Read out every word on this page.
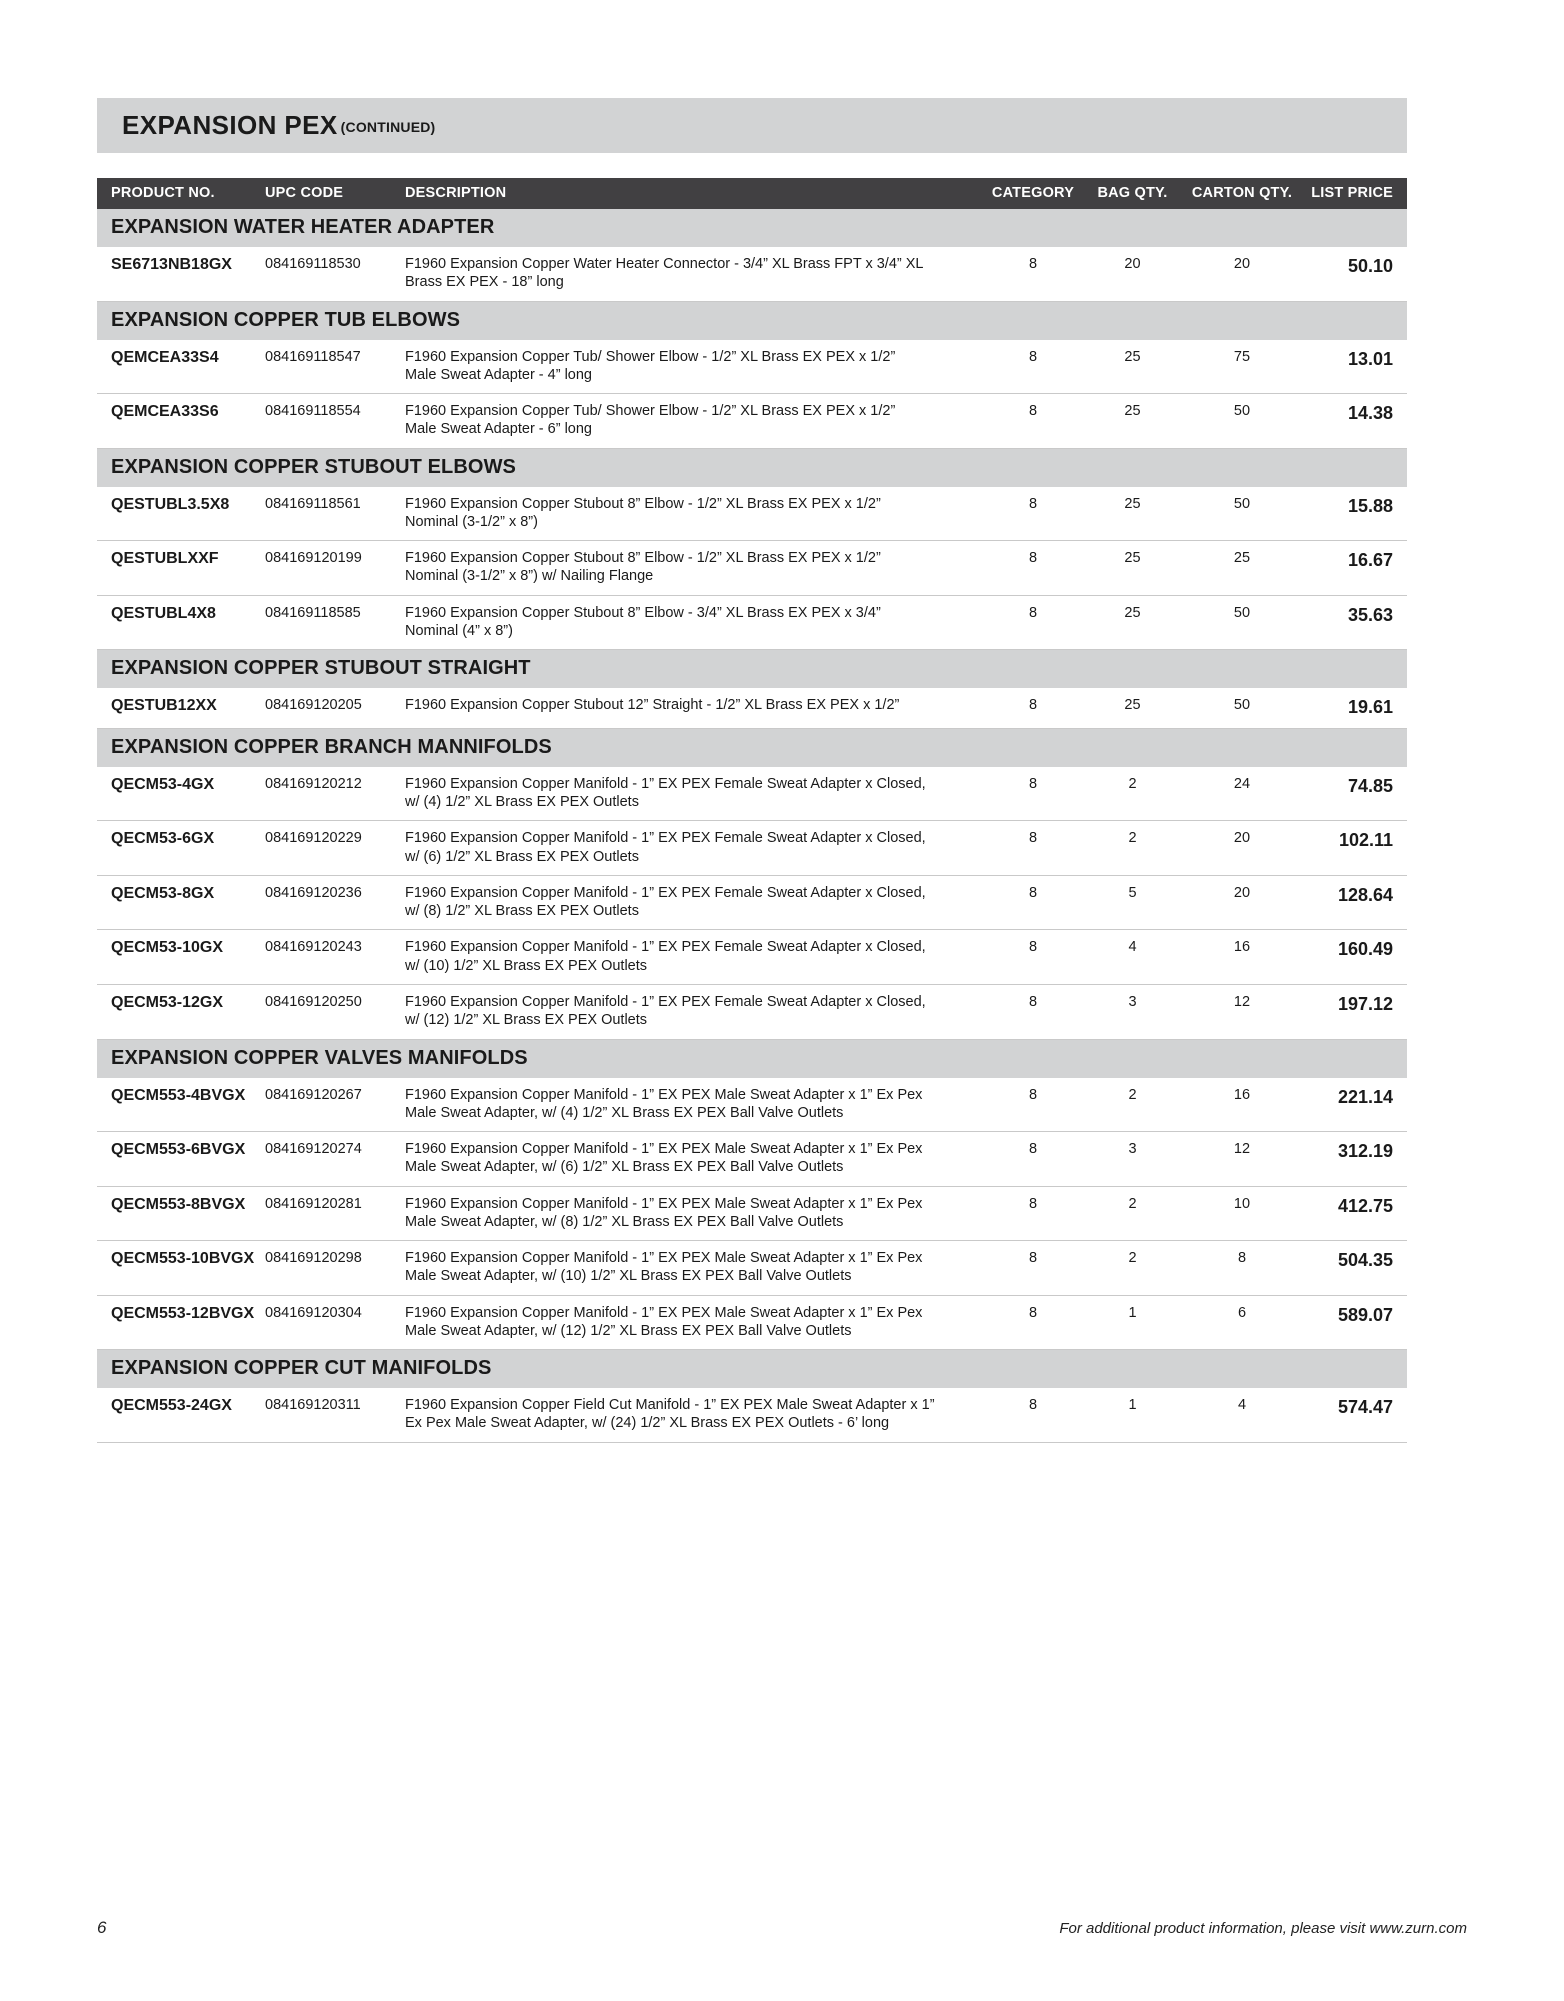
EXPANSION PEX (CONTINUED)
PRODUCT NO.	UPC CODE	DESCRIPTION	CATEGORY	BAG QTY.	CARTON QTY.	LIST PRICE
EXPANSION WATER HEATER ADAPTER						
SE6713NB18GX	084169118530	F1960 Expansion Copper Water Heater Connector - 3/4” XL Brass FPT x 3/4” XL
Brass EX PEX - 18” long	8	20	20	50.10
EXPANSION COPPER TUB ELBOWS						
QEMCEA33S4	084169118547	F1960 Expansion Copper Tub/ Shower Elbow - 1/2” XL Brass EX PEX x 1/2”
Male Sweat Adapter - 4” long	8	25	75	13.01
QEMCEA33S6	084169118554	F1960 Expansion Copper Tub/ Shower Elbow - 1/2” XL Brass EX PEX x 1/2”
Male Sweat Adapter - 6” long	8	25	50	14.38
EXPANSION COPPER STUBOUT ELBOWS						
QESTUBL3.5X8	084169118561	F1960 Expansion Copper Stubout 8” Elbow - 1/2” XL Brass EX PEX x 1/2”
Nominal (3-1/2” x 8”)	8	25	50	15.88
QESTUBLXXF	084169120199	F1960 Expansion Copper Stubout 8” Elbow - 1/2” XL Brass EX PEX x 1/2”
Nominal (3-1/2” x 8”) w/ Nailing Flange	8	25	25	16.67
QESTUBL4X8	084169118585	F1960 Expansion Copper Stubout 8” Elbow - 3/4” XL Brass EX PEX x 3/4”
Nominal (4” x 8”)	8	25	50	35.63
EXPANSION COPPER STUBOUT STRAIGHT						
QESTUB12XX	084169120205	F1960 Expansion Copper Stubout 12” Straight - 1/2” XL Brass EX PEX x 1/2”	8	25	50	19.61
EXPANSION COPPER BRANCH MANNIFOLDS						
QECM53-4GX	084169120212	F1960 Expansion Copper Manifold - 1” EX PEX Female Sweat Adapter x Closed,
w/ (4) 1/2” XL Brass EX PEX Outlets	8	2	24	74.85
QECM53-6GX	084169120229	F1960 Expansion Copper Manifold - 1” EX PEX Female Sweat Adapter x Closed,
w/ (6) 1/2” XL Brass EX PEX Outlets	8	2	20	102.11
QECM53-8GX	084169120236	F1960 Expansion Copper Manifold - 1” EX PEX Female Sweat Adapter x Closed,
w/ (8) 1/2” XL Brass EX PEX Outlets	8	5	20	128.64
QECM53-10GX	084169120243	F1960 Expansion Copper Manifold - 1” EX PEX Female Sweat Adapter x Closed,
w/ (10) 1/2” XL Brass EX PEX Outlets	8	4	16	160.49
QECM53-12GX	084169120250	F1960 Expansion Copper Manifold - 1” EX PEX Female Sweat Adapter x Closed,
w/ (12) 1/2” XL Brass EX PEX Outlets	8	3	12	197.12
EXPANSION COPPER VALVES MANIFOLDS						
QECM553-4BVGX	084169120267	F1960 Expansion Copper Manifold - 1” EX PEX Male Sweat Adapter x 1” Ex Pex
Male Sweat Adapter, w/ (4) 1/2” XL Brass EX PEX Ball Valve Outlets	8	2	16	221.14
QECM553-6BVGX	084169120274	F1960 Expansion Copper Manifold - 1” EX PEX Male Sweat Adapter x 1” Ex Pex
Male Sweat Adapter, w/ (6) 1/2” XL Brass EX PEX Ball Valve Outlets	8	3	12	312.19
QECM553-8BVGX	084169120281	F1960 Expansion Copper Manifold - 1” EX PEX Male Sweat Adapter x 1” Ex Pex
Male Sweat Adapter, w/ (8) 1/2” XL Brass EX PEX Ball Valve Outlets	8	2	10	412.75
QECM553-10BVGX	084169120298	F1960 Expansion Copper Manifold - 1” EX PEX Male Sweat Adapter x 1” Ex Pex
Male Sweat Adapter, w/ (10) 1/2” XL Brass EX PEX Ball Valve Outlets	8	2	8	504.35
QECM553-12BVGX	084169120304	F1960 Expansion Copper Manifold - 1” EX PEX Male Sweat Adapter x 1” Ex Pex
Male Sweat Adapter, w/ (12) 1/2” XL Brass EX PEX Ball Valve Outlets	8	1	6	589.07
EXPANSION COPPER CUT MANIFOLDS						
QECM553-24GX	084169120311	F1960 Expansion Copper Field Cut Manifold - 1” EX PEX Male Sweat Adapter x 1”
Ex Pex Male Sweat Adapter, w/ (24) 1/2” XL Brass EX PEX Outlets - 6’ long	8	1	4	574.47
6	For additional product information, please visit www.zurn.com
